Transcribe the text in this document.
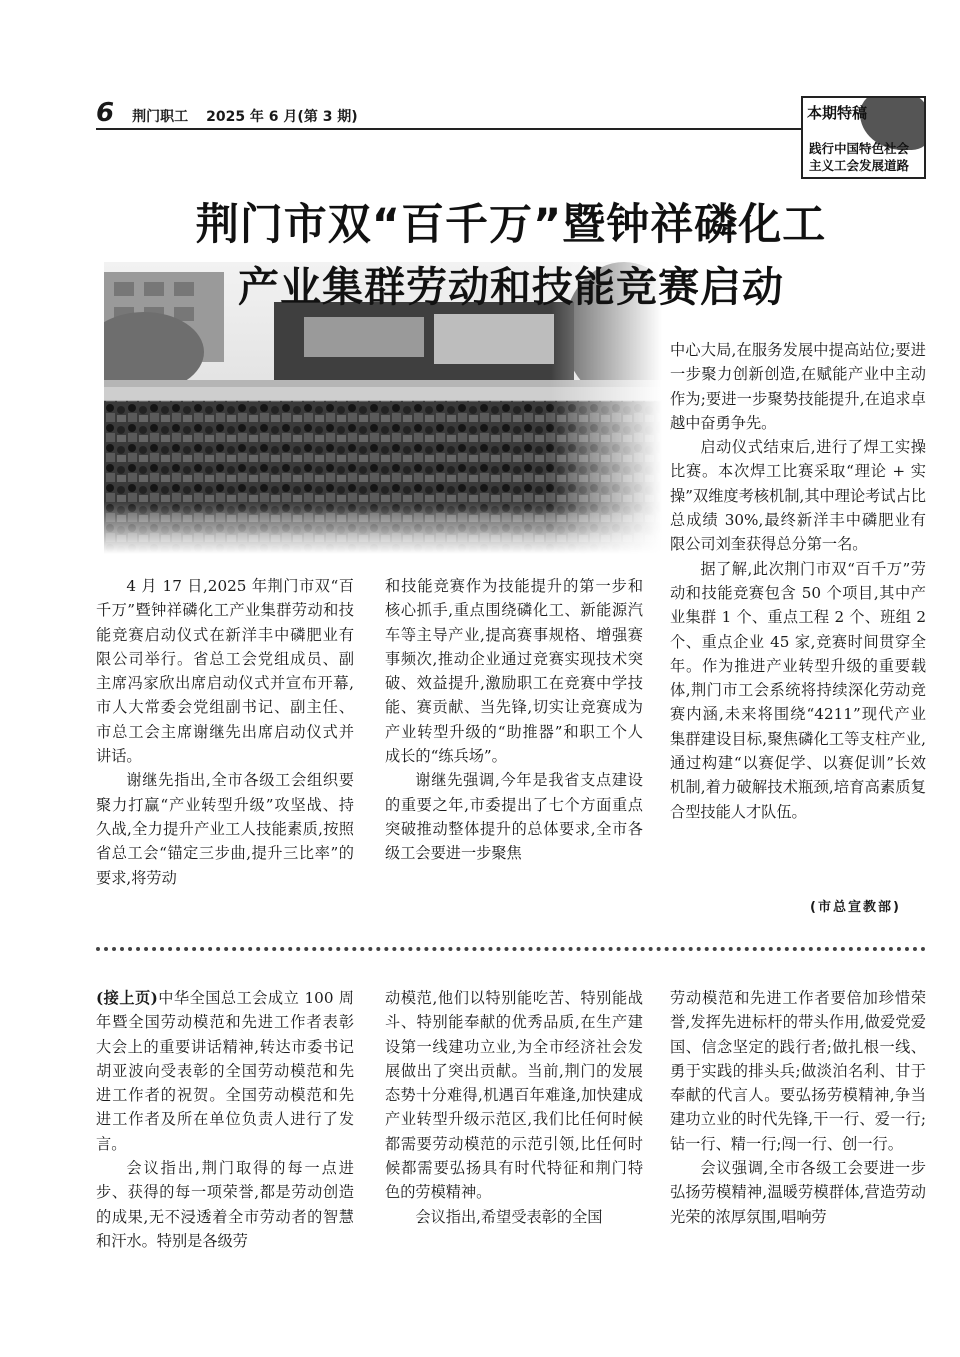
6 荆门职工 2025 年 6 月(第 3 期)	本期特稿
践行中国特色社会
主义工会发展道路
荆门市双“百千万”暨钟祥磷化工
产业集群劳动和技能竞赛启动

中心大局,在服务发展中提高站位;要进一步聚力创新创造,在赋能产业中主动作为;要进一步聚势技能提升,在追求卓越中奋勇争先。

启动仪式结束后,进行了焊工实操比赛。本次焊工比赛采取“理论 + 实操”双维度考核机制,其中理论考试占比总成绩 30%,最终新洋丰中磷肥业有限公司刘奎获得总分第一名。

据了解,此次荆门市双“百千万”劳动和技能竞赛包含 50 个项目,其中产业集群 1 个、重点工程 2 个、班组 2 个、重点企业 45 家,竞赛时间贯穿全年。作为推进产业转型升级的重要载体,荆门市工会系统将持续深化劳动竞赛内涵,未来将围绕“4211”现代产业集群建设目标,聚焦磷化工等支柱产业,通过构建“以赛促学、以赛促训”长效机制,着力破解技术瓶颈,培育高素质复合型技能人才队伍。

4 月 17 日,2025 年荆门市双“百千万”暨钟祥磷化工产业集群劳动和技能竞赛启动仪式在新洋丰中磷肥业有限公司举行。省总工会党组成员、副主席冯家欣出席启动仪式并宣布开幕,市人大常委会党组副书记、副主任、市总工会主席谢继先出席启动仪式并讲话。

谢继先指出,全市各级工会组织要聚力打赢“产业转型升级”攻坚战、持久战,全力提升产业工人技能素质,按照省总工会“锚定三步曲,提升三比率”的要求,将劳动

和技能竞赛作为技能提升的第一步和核心抓手,重点围绕磷化工、新能源汽车等主导产业,提高赛事规格、增强赛事频次,推动企业通过竞赛实现技术突破、效益提升,激励职工在竞赛中学技能、赛贡献、当先锋,切实让竞赛成为产业转型升级的“助推器”和职工个人成长的“练兵场”。

谢继先强调,今年是我省支点建设的重要之年,市委提出了七个方面重点突破推动整体提升的总体要求,全市各级工会要进一步聚焦

(市总宣教部)

(接上页)中华全国总工会成立 100 周年暨全国劳动模范和先进工作者表彰大会上的重要讲话精神,转达市委书记胡亚波向受表彰的全国劳动模范和先进工作者的祝贺。全国劳动模范和先进工作者及所在单位负责人进行了发言。

会议指出,荆门取得的每一点进步、获得的每一项荣誉,都是劳动创造的成果,无不浸透着全市劳动者的智慧和汗水。特别是各级劳

动模范,他们以特别能吃苦、特别能战斗、特别能奉献的优秀品质,在生产建设第一线建功立业,为全市经济社会发展做出了突出贡献。当前,荆门的发展态势十分难得,机遇百年难逢,加快建成产业转型升级示范区,我们比任何时候都需要劳动模范的示范引领,比任何时候都需要弘扬具有时代特征和荆门特色的劳模精神。

会议指出,希望受表彰的全国

劳动模范和先进工作者要倍加珍惜荣誉,发挥先进标杆的带头作用,做爱党爱国、信念坚定的践行者;做扎根一线、勇于实践的排头兵;做淡泊名利、甘于奉献的代言人。要弘扬劳模精神,争当建功立业的时代先锋,干一行、爱一行;钻一行、精一行;闯一行、创一行。

会议强调,全市各级工会要进一步弘扬劳模精神,温暖劳模群体,营造劳动光荣的浓厚氛围,唱响劳
